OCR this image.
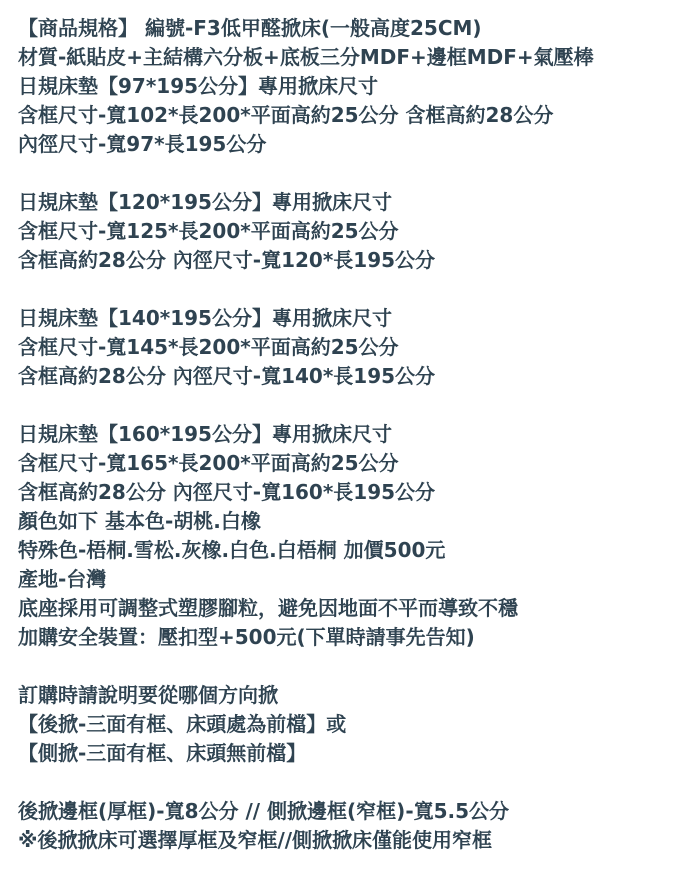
【商品規格】 編號-F3低甲醛掀床(一般高度25CM)
材質-紙貼皮+主結構六分板+底板三分MDF+邊框MDF+氣壓棒
日規床墊【97*195公分】專用掀床尺寸
含框尺寸-寬102*長200*平面高約25公分 含框高約28公分
內徑尺寸-寬97*長195公分
日規床墊【120*195公分】專用掀床尺寸
含框尺寸-寬125*長200*平面高約25公分
含框高約28公分 內徑尺寸-寬120*長195公分
日規床墊【140*195公分】專用掀床尺寸
含框尺寸-寬145*長200*平面高約25公分
含框高約28公分 內徑尺寸-寬140*長195公分
日規床墊【160*195公分】專用掀床尺寸
含框尺寸-寬165*長200*平面高約25公分
含框高約28公分 內徑尺寸-寬160*長195公分
顏色如下 基本色-胡桃.白橡
特殊色-梧桐.雪松.灰橡.白色.白梧桐 加價500元
產地-台灣
底座採用可調整式塑膠腳粒，避免因地面不平而導致不穩
加購安全裝置：壓扣型+500元(下單時請事先告知)
訂購時請說明要從哪個方向掀
【後掀-三面有框、床頭處為前檔】或
【側掀-三面有框、床頭無前檔】
後掀邊框(厚框)-寬8公分 // 側掀邊框(窄框)-寬5.5公分
※後掀掀床可選擇厚框及窄框//側掀掀床僅能使用窄框
